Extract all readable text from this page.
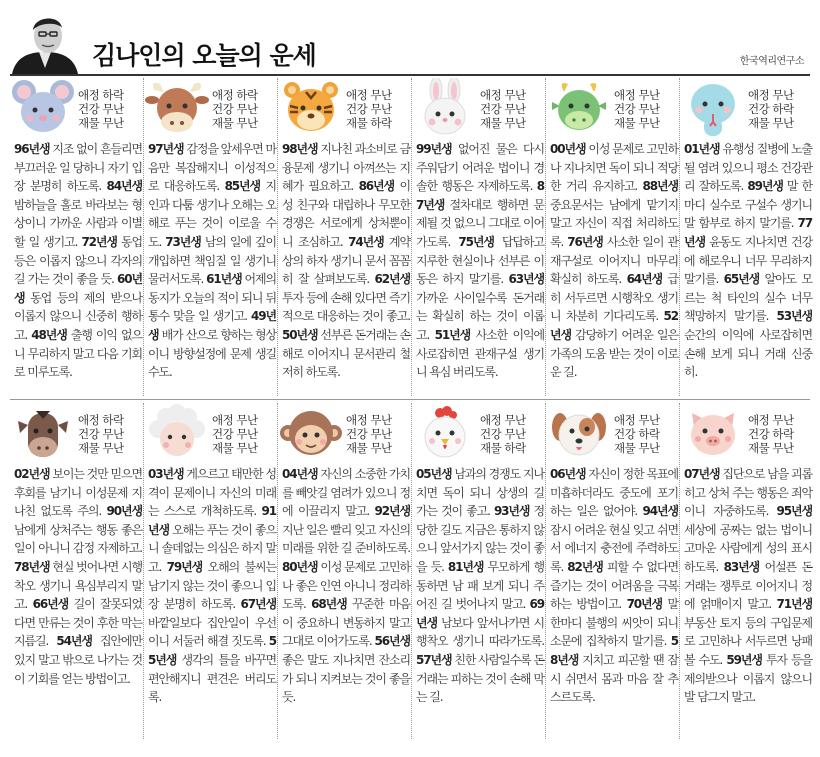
김나인의 오늘의 운세	한국역리연구소
애정 하락
건강 무난
재물 무난
96년생 지조 없이 흔들리면 부끄러운 일 당하니 자기 입장 분명히 하도록. 84년생 밤하늘을 홀로 바라보는 형상이니 가까운 사람과 이별할 일 생기고. 72년생 동업 등은 이롭지 않으니 각자의 길 가는 것이 좋을 듯. 60년생 동업 등의 제의 받으나 이롭지 않으니 신중히 행하고. 48년생 출행 이익 없으니 무리하지 말고 다음 기회로 미루도록.
애정 하락
건강 무난
재물 무난
97년생 감정을 앞세우면 마음만 복잡해지니 이성적으로 대응하도록. 85년생 지인과 다툼 생기나 오해는 오해로 푸는 것이 이로울 수도. 73년생 남의 일에 깊이 개입하면 책임질 일 생기니 물러서도록. 61년생 어제의 동지가 오늘의 적이 되니 뒤통수 맞을 일 생기고. 49년생 배가 산으로 향하는 형상이니 방향설정에 문제 생길 수도.
애정 무난
건강 무난
재물 하락
98년생 지나친 과소비로 금융문제 생기니 아껴쓰는 지혜가 필요하고. 86년생 이성 친구와 대립하나 무모한 경쟁은 서로에게 상처뿐이니 조심하고. 74년생 계약상의 하자 생기니 문서 꼼꼼히 잘 살펴보도록. 62년생 투자 등에 손해 있다면 즉기적으로 대응하는 것이 좋고. 50년생 선부른 돈거래는 손해로 이어지니 문서관리 철저히 하도록.
애정 무난
건강 무난
재물 무난
99년생 없어진 물은 다시 주워담기 어려운 법이니 경솔한 행동은 자제하도록. 87년생 절차대로 행하면 문제될 것 없으니 그대로 이어가도록. 75년생 답답하고 지루한 현실이나 선부른 이동은 하지 말기를. 63년생 가까운 사이일수록 돈거래는 확실히 하는 것이 이롭고. 51년생 사소한 이익에 사로잡히면 관재구설 생기니 욕심 버리도록.
애정 무난
건강 무난
재물 무난
00년생 이성 문제로 고민하나 지나치면 독이 되니 적당한 거리 유지하고. 88년생 중요문서는 남에게 맡기지 말고 자신이 직접 처리하도록. 76년생 사소한 일이 관재구설로 이어지니 마무리 확실히 하도록. 64년생 급히 서두르면 시행착오 생기니 차분히 기다리도록. 52년생 감당하기 어려운 일은 가족의 도움 받는 것이 이로운 길.
애정 무난
건강 하락
재물 무난
01년생 유행성 질병에 노출될 염려 있으니 평소 건강관리 잘하도록. 89년생 말 한마디 실수로 구설수 생기니 말 함부로 하지 말기를. 77년생 윤동도 지나치면 건강에 해로우니 너무 무리하지 말기를. 65년생 알아도 모르는 척 타인의 실수 너무 책망하지 말기를. 53년생 순간의 이익에 사로잡히면 손해 보게 되니 거래 신중히.
애정 하락
건강 무난
재물 무난
02년생 보이는 것만 믿으면 후회를 남기니 이성문제 지나친 없도록 주의. 90년생 남에게 상처주는 행동 좋은 일이 아니니 감정 자제하고. 78년생 현실 벗어나면 시행착오 생기니 욕심부리지 말고. 66년생 길이 잘못되었다면 만류는 것이 후한 막는 지름길. 54년생 집안에만 있지 말고 밖으로 나가는 것이 기회를 얻는 방법이고.
애정 무난
건강 무난
재물 무난
03년생 게으르고 태만한 성격이 문제이니 자신의 미래는 스스로 개척하도록. 91년생 오해는 푸는 것이 좋으니 솔데없는 의심은 하지 말고. 79년생 오해의 불씨는 남기지 않는 것이 좋으니 입장 분명히 하도록. 67년생 바깥일보다 집안일이 우선이니 서둘러 해결 짓도록. 55년생 생각의 틀을 바꾸면 편안해지니 편견은 버리도록.
애정 무난
건강 무난
재물 무난
04년생 자신의 소중한 가치를 빼앗길 염려가 있으니 정에 이끌리지 말고. 92년생 지난 일은 빨리 잊고 자신의 미래를 위한 길 준비하도록. 80년생 이성 문제로 고민하나 좋은 인연 아니니 정리하도록. 68년생 꾸준한 마음이 중요하니 변동하지 말고 그대로 이어가도록. 56년생 좋은 말도 지나치면 잔소리가 되니 지켜보는 것이 좋을 듯.
애정 무난
건강 무난
재물 하락
05년생 남과의 경쟁도 지나치면 독이 되니 상생의 길 가는 것이 좋고. 93년생 정당한 길도 지금은 통하지 않으니 앞서가지 않는 것이 좋을 듯. 81년생 무모하게 행동하면 남 패 보게 되니 주어진 길 벗어나지 말고. 69년생 남보다 앞서나가면 시행착오 생기니 따라가도록. 57년생 친한 사람일수록 돈거래는 피하는 것이 손해 막는 길.
애정 무난
건강 하락
재물 무난
06년생 자신이 정한 목표에 미흡하더라도 중도에 포기하는 일은 없어야. 94년생 잠시 어려운 현실 잊고 쉬면서 에너지 충전에 주력하도록. 82년생 피할 수 없다면 즐기는 것이 어려움을 극복하는 방법이고. 70년생 말 한마디 불행의 씨앗이 되니 소문에 집착하지 말기를. 58년생 지치고 피곤할 땐 잠시 쉬면서 몸과 마음 잘 추스르도록.
애정 무난
건강 하락
재물 무난
07년생 집단으로 남을 괴롭히고 상처 주는 행동은 죄악이니 자중하도록. 95년생 세상에 공짜는 없는 법이니 고마운 사람에게 성의 표시하도록. 83년생 어설픈 돈거래는 쟁투로 이어지니 정에 얽매이지 말고. 71년생 부동산 토지 등의 구입문제로 고민하나 서두르면 낭패볼 수도. 59년생 투자 등을 제의받으나 이롭지 않으니 발 담그지 말고.
